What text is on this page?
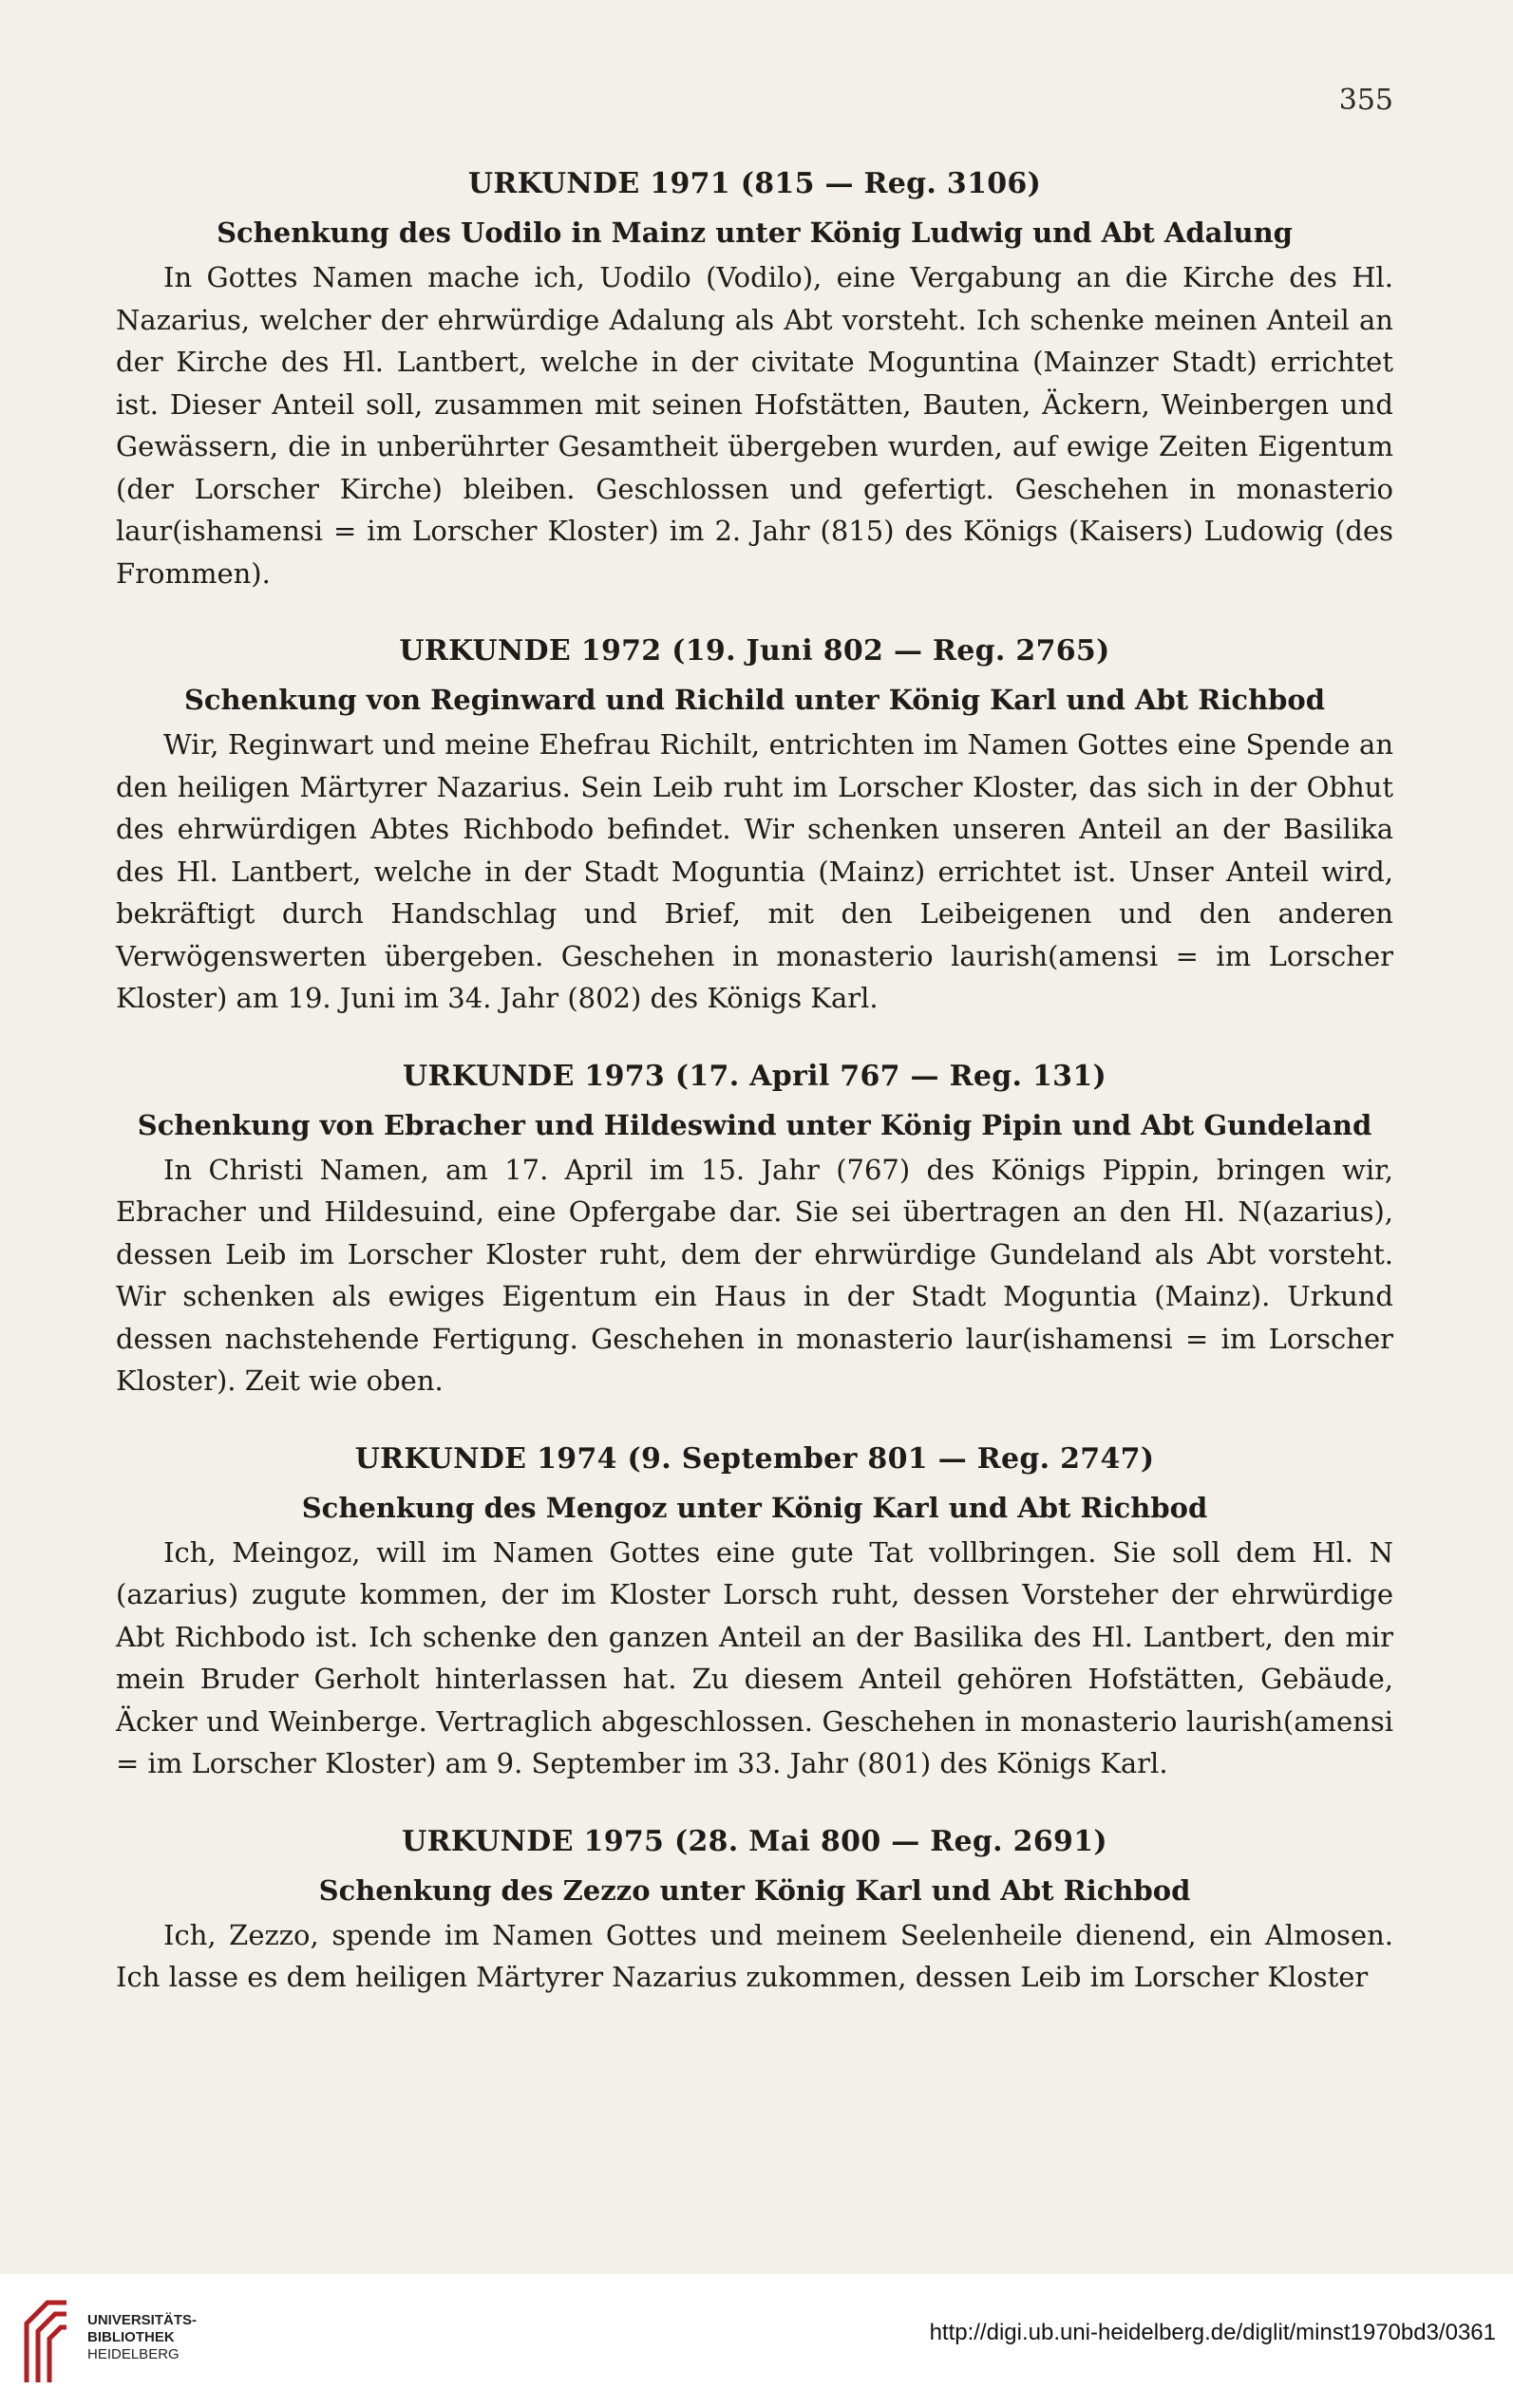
355
URKUNDE 1971 (815 — Reg. 3106)
Schenkung des Uodilo in Mainz unter König Ludwig und Abt Adalung

In Gottes Namen mache ich, Uodilo (Vodilo), eine Vergabung an die Kirche des Hl. Nazarius, welcher der ehrwürdige Adalung als Abt vorsteht. Ich schenke meinen Anteil an der Kirche des Hl. Lantbert, welche in der civitate Moguntina (Mainzer Stadt) errichtet ist. Dieser Anteil soll, zusammen mit seinen Hofstätten, Bauten, Äckern, Weinbergen und Gewässern, die in unberührter Gesamtheit übergeben wurden, auf ewige Zeiten Eigentum (der Lorscher Kirche) bleiben. Geschlossen und gefertigt. Geschehen in monasterio laur(ishamensi = im Lorscher Kloster) im 2. Jahr (815) des Königs (Kaisers) Ludowig (des Frommen).

URKUNDE 1972 (19. Juni 802 — Reg. 2765)
Schenkung von Reginward und Richild unter König Karl und Abt Richbod

Wir, Reginwart und meine Ehefrau Richilt, entrichten im Namen Gottes eine Spende an den heiligen Märtyrer Nazarius. Sein Leib ruht im Lorscher Kloster, das sich in der Obhut des ehrwürdigen Abtes Richbodo befindet. Wir schenken unseren Anteil an der Basilika des Hl. Lantbert, welche in der Stadt Moguntia (Mainz) errichtet ist. Unser Anteil wird, bekräftigt durch Handschlag und Brief, mit den Leibeigenen und den anderen Verwögenswerten übergeben. Geschehen in monasterio laurish(amensi = im Lorscher Kloster) am 19. Juni im 34. Jahr (802) des Königs Karl.

URKUNDE 1973 (17. April 767 — Reg. 131)
Schenkung von Ebracher und Hildeswind unter König Pipin und Abt Gundeland

In Christi Namen, am 17. April im 15. Jahr (767) des Königs Pippin, bringen wir, Ebracher und Hildesuind, eine Opfergabe dar. Sie sei übertragen an den Hl. N(azarius), dessen Leib im Lorscher Kloster ruht, dem der ehrwürdige Gundeland als Abt vorsteht. Wir schenken als ewiges Eigentum ein Haus in der Stadt Moguntia (Mainz). Urkund dessen nachstehende Fertigung. Geschehen in monasterio laur(ishamensi = im Lorscher Kloster). Zeit wie oben.

URKUNDE 1974 (9. September 801 — Reg. 2747)
Schenkung des Mengoz unter König Karl und Abt Richbod

Ich, Meingoz, will im Namen Gottes eine gute Tat vollbringen. Sie soll dem Hl. N (azarius) zugute kommen, der im Kloster Lorsch ruht, dessen Vorsteher der ehrwürdige Abt Richbodo ist. Ich schenke den ganzen Anteil an der Basilika des Hl. Lantbert, den mir mein Bruder Gerholt hinterlassen hat. Zu diesem Anteil gehören Hofstätten, Gebäude, Äcker und Weinberge. Vertraglich abgeschlossen. Geschehen in monasterio laurish(amensi = im Lorscher Kloster) am 9. September im 33. Jahr (801) des Königs Karl.

URKUNDE 1975 (28. Mai 800 — Reg. 2691)
Schenkung des Zezzo unter König Karl und Abt Richbod

Ich, Zezzo, spende im Namen Gottes und meinem Seelenheile dienend, ein Almosen. Ich lasse es dem heiligen Märtyrer Nazarius zukommen, dessen Leib im Lorscher Kloster

UNIVERSITÄTS-
BIBLIOTHEK
HEIDELBERG
http://digi.ub.uni-heidelberg.de/diglit/minst1970bd3/0361
